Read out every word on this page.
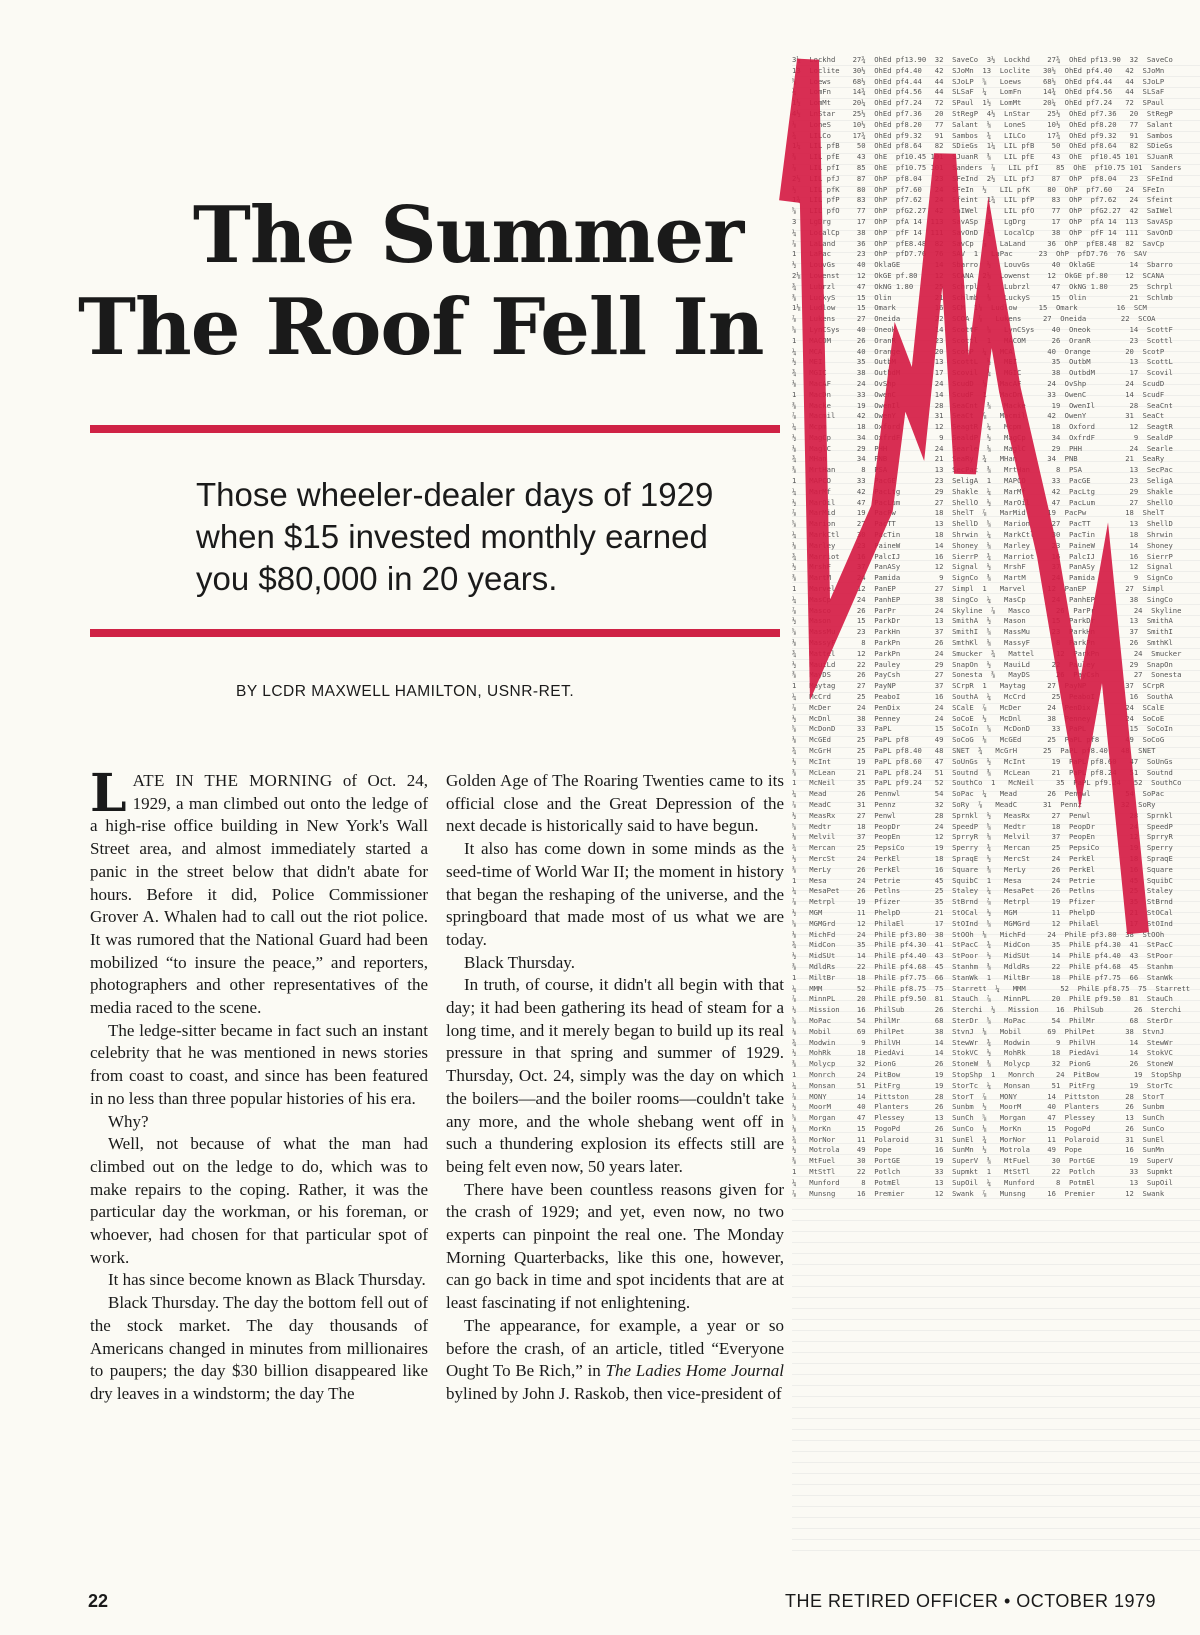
The Summer
The Roof Fell In

Those wheeler-dealer days of 1929
when $15 invested monthly earned
you $80,000 in 20 years.

BY LCDR MAXWELL HAMILTON, USNR-RET.

LATE IN THE MORNING of Oct. 24, 1929, a man climbed out onto the ledge of a high-rise office building in New York's Wall Street area, and almost immediately started a panic in the street below that didn't abate for hours. Before it did, Police Commissioner Grover A. Whalen had to call out the riot police. It was rumored that the National Guard had been mobilized “to insure the peace,” and reporters, photographers and other representatives of the media raced to the scene.

The ledge-sitter became in fact such an instant celebrity that he was mentioned in news stories from coast to coast, and since has been featured in no less than three popular histories of his era.

Why?

Well, not because of what the man had climbed out on the ledge to do, which was to make repairs to the coping. Rather, it was the particular day the workman, or his foreman, or whoever, had chosen for that particular spot of work.

It has since become known as Black Thursday.

Black Thursday. The day the bottom fell out of the stock market. The day thousands of Americans changed in minutes from millionaires to paupers; the day $30 billion disappeared like dry leaves in a windstorm; the day The

Golden Age of The Roaring Twenties came to its official close and the Great Depression of the next decade is historically said to have begun.

It also has come down in some minds as the seed-time of World War II; the moment in history that began the reshaping of the universe, and the springboard that made most of us what we are today.

Black Thursday.

In truth, of course, it didn't all begin with that day; it had been gathering its head of steam for a long time, and it merely began to build up its real pressure in that spring and summer of 1929. Thursday, Oct. 24, simply was the day on which the boilers—and the boiler rooms—couldn't take any more, and the whole shebang went off in such a thundering explosion its effects still are being felt even now, 50 years later.

There have been countless reasons given for the crash of 1929; and yet, even now, no two experts can pinpoint the real one. The Monday Morning Quarterbacks, like this one, however, can go back in time and spot incidents that are at least fascinating if not enlightening.

The appearance, for example, a year or so before the crash, of an article, titled “Everyone Ought To Be Rich,” in The Ladies Home Journal bylined by John J. Raskob, then vice-president of

3½  Lockhd    27¾  OhEd pf13.90  32  SaveCo  3½  Lockhd    27¾  OhEd pf13.90  32  SaveCo
13  Loclite   30½  OhEd pf4.40   42  SJoMn  13  Loclite   30½  OhEd pf4.40   42  SJoMn
⅝   Loews     68½  OhEd pf4.44   44  SJoLP  ⅝   Loews     68½  OhEd pf4.44   44  SJoLP
¼   LomFn     14¾  OhEd pf4.56   44  SLSaF  ¼   LomFn     14¾  OhEd pf4.56   44  SLSaF
1½  LomMt     20¼  OhEd pf7.24   72  SPaul  1½  LomMt     20¼  OhEd pf7.24   72  SPaul
4½  LnStar    25½  OhEd pf7.36   20  StRegP  4½  LnStar    25½  OhEd pf7.36   20  StRegP
⅛   LoneS     10½  OhEd pf8.20   77  Salant  ⅛   LoneS     10½  OhEd pf8.20   77  Salant
¾   LILCo     17¾  OhEd pf9.32   91  Sambos  ¾   LILCo     17¾  OhEd pf9.32   91  Sambos
1¼  LIL pfB    50  OhEd pf8.64   82  SDieGs  1¼  LIL pfB    50  OhEd pf8.64   82  SDieGs
⅜   LIL pfE    43  OhE  pf10.45 101  SJuanR  ⅜   LIL pfE    43  OhE  pf10.45 101  SJuanR
⅞   LIL pfI    85  OhE  pf10.75 101  Sanders  ⅞   LIL pfI    85  OhE  pf10.75 101  Sanders
2½  LIL pfJ    87  OhP  pf8.04   23  SFeInd  2½  LIL pfJ    87  OhP  pf8.04   23  SFeInd
½   LIL pfK    80  OhP  pf7.60   24  SFeIn  ½   LIL pfK    80  OhP  pf7.60   24  SFeIn
1¾  LIL pfP    83  OhP  pf7.62   24  Sfeint  1¾  LIL pfP    83  OhP  pf7.62   24  Sfeint
⅝   LIL pfO    77  OhP  pfG2.27  42  SaIWel  ⅝   LIL pfO    77  OhP  pfG2.27  42  SaIWel
3   LgDrg      17  OhP  pfA 14  113  SavASp  3   LgDrg      17  OhP  pfA 14  113  SavASp
¼   LocalCp    38  OhP  pfF 14  111  SavOnD  ¼   LocalCp    38  OhP  pfF 14  111  SavOnD
⅞   LaLand     36  OhP  pfE8.48  82  SavCp  ⅞   LaLand     36  OhP  pfE8.48  82  SavCp
1   LaPac      23  OhP  pfD7.76  76  SAV  1   LaPac      23  OhP  pfD7.76  76  SAV
½   LouvGs     40  OklaGE        14  Sbarro  ½   LouvGs     40  OklaGE        14  Sbarro
2⅛  Lowenst    12  OkGE pf.80    12  SCANA  2⅛  Lowenst    12  OkGE pf.80    12  SCANA
¾   Lubrzl     47  OkNG 1.80     25  Schrpl  ¾   Lubrzl     47  OkNG 1.80     25  Schrpl
⅜   LuckyS     15  Olin          21  Schlmb  ⅜   LuckyS     15  Olin          21  Schlmb
1⅛  Ludlow     15  Omark         16  SCM  1⅛  Ludlow     15  Omark         16  SCM
⅞   Lukens     27  Oneida        22  SCOA  ⅞   Lukens     27  Oneida        22  SCOA
⅝   LynCSys    40  Oneok         14  ScottF  ⅝   LynCSys    40  Oneok         14  ScottF
1   MACOM      26  OranR         23  Scottl  1   MACOM      26  OranR         23  Scottl
¼   MCA        40  Orange        20  ScotP  ¼   MCA        40  Orange        20  ScotP
½   MEI        35  OutbM         13  ScottL  ½   MEI        35  OutbM         13  ScottL
¾   MGIC       38  OutbdM        17  Scovil  ¾   MGIC       38  OutbdM        17  Scovil
⅛   MacAF      24  OvShp         24  ScudD  ⅛   MacAF      24  OvShp         24  ScudD
1   MacDn      33  OwenC         14  ScudF  1   MacDn      33  OwenC         14  ScudF
⅜   Macke      19  OwenIl        28  SeaCnt  ⅜   Macke      19  OwenIl        28  SeaCnt
⅞   Macmil     42  OwenY         31  SeaCt  ⅞   Macmil     42  OwenY         31  SeaCt
¼   Mcpm       18  Oxford        12  SeagtR  ¼   Mcpm       18  Oxford        12  SeagtR
½   MagCp      34  OxfrdF         9  SealdP  ½   MagCp      34  OxfrdF         9  SealdP
⅛   MaglC      29  PHH           24  Searle  ⅛   MaglC      29  PHH           24  Searle
¾   MHan       34  PNB           21  SeaRy  ¾   MHan       34  PNB           21  SeaRy
⅜   MrtHan      8  PSA           13  SecPac  ⅜   MrtHan      8  PSA           13  SecPac
1   MAPCO      33  PacGE         23  SeligA  1   MAPCO      33  PacGE         23  SeligA
¼   MarMf      42  PacLtg        29  Shakle  ¼   MarMf      42  PacLtg        29  Shakle
½   MarOil     47  PacLum        27  ShellO  ½   MarOil     47  PacLum        27  ShellO
⅞   MarMid     19  PacPw         18  ShelT  ⅞   MarMid     19  PacPw         18  ShelT
⅝   Marion     27  PacTT         13  ShellD  ⅝   Marion     27  PacTT         13  ShellD
¼   MarkCtl    30  PacTin        18  Shrwin  ¼   MarkCtl    30  PacTin        18  Shrwin
⅛   Marley     23  PaineW        14  Shoney  ⅛   Marley     23  PaineW        14  Shoney
¾   Marriot    16  PalcIJ        16  SierrP  ¾   Marriot    16  PalcIJ        16  SierrP
½   MrshF      37  PanASy        12  Signal  ½   MrshF      37  PanASy        12  Signal
⅜   MartM      24  Pamida         9  SignCo  ⅜   MartM      24  Pamida         9  SignCo
1   Marvel     12  PanEP         27  Simpl  1   Marvel     12  PanEP         27  Simpl
¼   MasCp      24  PanhEP        38  SingCo  ¼   MasCp      24  PanhEP        38  SingCo
⅞   Masco      26  ParPr         24  Skyline  ⅞   Masco      26  ParPr         24  Skyline
½   Mason      15  ParkDr        13  SmithA  ½   Mason      15  ParkDr        13  SmithA
⅝   MassMu     23  ParkHn        37  SmithI  ⅝   MassMu     23  ParkHn        37  SmithI
⅛   MassyF      8  ParkPn        26  SmthKl  ⅛   MassyF      8  ParkPn        26  SmthKl
¾   Mattel     12  ParkPn        24  Smucker  ¾   Mattel     12  ParkPn        24  Smucker
½   MauiLd     22  Pauley        29  SnapOn  ½   MauiLd     22  Pauley        29  SnapOn
⅜   MayDS      26  PayCsh        27  Sonesta  ⅜   MayDS      26  PayCsh        27  Sonesta
1   Maytag     27  PayNP         37  SCrpR  1   Maytag     27  PayNP         37  SCrpR
¼   McCrd      25  PeaboI        16  SouthA  ¼   McCrd      25  PeaboI        16  SouthA
⅞   McDer      24  PenDix        24  SCalE  ⅞   McDer      24  PenDix        24  SCalE
½   McDnl      38  Penney        24  SoCoE  ½   McDnl      38  Penney        24  SoCoE
⅝   McDonD     33  PaPL          15  SoCoIn  ⅝   McDonD     33  PaPL          15  SoCoIn
⅛   McGEd      25  PaPL pf8      49  SoCoG  ⅛   McGEd      25  PaPL pf8      49  SoCoG
¾   McGrH      25  PaPL pf8.40   48  SNET  ¾   McGrH      25  PaPL pf8.40   48  SNET
½   McInt      19  PaPL pf8.60   47  SoUnGs  ½   McInt      19  PaPL pf8.60   47  SoUnGs
⅜   McLean     21  PaPL pf8.24   51  Soutnd  ⅜   McLean     21  PaPL pf8.24   51  Soutnd
1   McNeil     35  PaPL pf9.24   52  SouthCo  1   McNeil     35  PaPL pf9.24   52  SouthCo
¼   Mead       26  Pennwl        54  SoPac  ¼   Mead       26  Pennwl        54  SoPac
⅞   MeadC      31  Pennz         32  SoRy  ⅞   MeadC      31  Pennz         32  SoRy
½   MeasRx     27  Penwl         28  Sprnkl  ½   MeasRx     27  Penwl         28  Sprnkl
⅝   Medtr      18  PeopDr        24  SpeedP  ⅝   Medtr      18  PeopDr        24  SpeedP
⅛   Melvil     37  PeopEn        12  SprryR  ⅛   Melvil     37  PeopEn        12  SprryR
¾   Mercan     25  PepsiCo       19  Sperry  ¾   Mercan     25  PepsiCo       19  Sperry
½   MercSt     24  PerkEl        18  SpraqE  ½   MercSt     24  PerkEl        18  SpraqE
⅜   MerLy      26  PerkEl        16  Square  ⅜   MerLy      26  PerkEl        16  Square
1   Mesa       24  Petrie        45  SquibC  1   Mesa       24  Petrie        45  SquibC
¼   MesaPet    26  Petlns        25  Staley  ¼   MesaPet    26  Petlns        25  Staley
⅞   Metrpl     19  Pfizer        35  StBrnd  ⅞   Metrpl     19  Pfizer        35  StBrnd
½   MGM        11  PhelpD        21  StOCal  ½   MGM        11  PhelpD        21  StOCal
⅝   MGMGrd     12  PhilaEl       17  StOInd  ⅝   MGMGrd     12  PhilaEl       17  StOInd
⅛   MichFd     24  PhilE pf3.80  38  StOOh  ⅛   MichFd     24  PhilE pf3.80  38  StOOh
¾   MidCon     35  PhilE pf4.30  41  StPacC  ¾   MidCon     35  PhilE pf4.30  41  StPacC
½   MidSUt     14  PhilE pf4.40  43  StPoor  ½   MidSUt     14  PhilE pf4.40  43  StPoor
⅜   MdldRs     22  PhilE pf4.68  45  Stanhm  ⅜   MdldRs     22  PhilE pf4.68  45  Stanhm
1   MiltBr     18  PhilE pf7.75  66  StanWk  1   MiltBr     18  PhilE pf7.75  66  StanWk
¼   MMM        52  PhilE pf8.75  75  Starrett  ¼   MMM        52  PhilE pf8.75  75  Starrett
⅞   MinnPL     20  PhilE pf9.50  81  StauCh  ⅞   MinnPL     20  PhilE pf9.50  81  StauCh
½   Mission    16  PhilSub       26  Sterchi  ½   Mission    16  PhilSub       26  Sterchi
⅝   MoPac      54  PhilMr        68  SterDr  ⅝   MoPac      54  PhilMr        68  SterDr
⅛   Mobil      69  PhilPet       38  StvnJ  ⅛   Mobil      69  PhilPet       38  StvnJ
¾   Modwin      9  PhilVH        14  StewWr  ¾   Modwin      9  PhilVH        14  StewWr
½   MohRk      18  PiedAvi       14  StokVC  ½   MohRk      18  PiedAvi       14  StokVC
⅜   Molycp     32  PionG         26  StoneW  ⅜   Molycp     32  PionG         26  StoneW
1   Monrch     24  PitBow        19  StopShp  1   Monrch     24  PitBow        19  StopShp
¼   Monsan     51  PitFrg        19  StorTc  ¼   Monsan     51  PitFrg        19  StorTc
⅞   MONY       14  Pittston      28  StorT  ⅞   MONY       14  Pittston      28  StorT
½   MoorM      40  Planters      26  Sunbm  ½   MoorM      40  Planters      26  Sunbm
⅝   Morgan     47  Plessey       13  SunCh  ⅝   Morgan     47  Plessey       13  SunCh
⅛   MorKn      15  PogoPd        26  SunCo  ⅛   MorKn      15  PogoPd        26  SunCo
¾   MorNor     11  Polaroid      31  SunEl  ¾   MorNor     11  Polaroid      31  SunEl
½   Motrola    49  Pope          16  SunMn  ½   Motrola    49  Pope          16  SunMn
⅜   MtFuel     30  PortGE        19  SuperV  ⅜   MtFuel     30  PortGE        19  SuperV
1   MtStTl     22  Potlch        33  Supmkt  1   MtStTl     22  Potlch        33  Supmkt
¼   Munford     8  PotmEl        13  SupOil  ¼   Munford     8  PotmEl        13  SupOil
⅞   Munsng     16  Premier       12  Swank  ⅞   Munsng     16  Premier       12  Swank
22	THE RETIRED OFFICER • OCTOBER 1979
